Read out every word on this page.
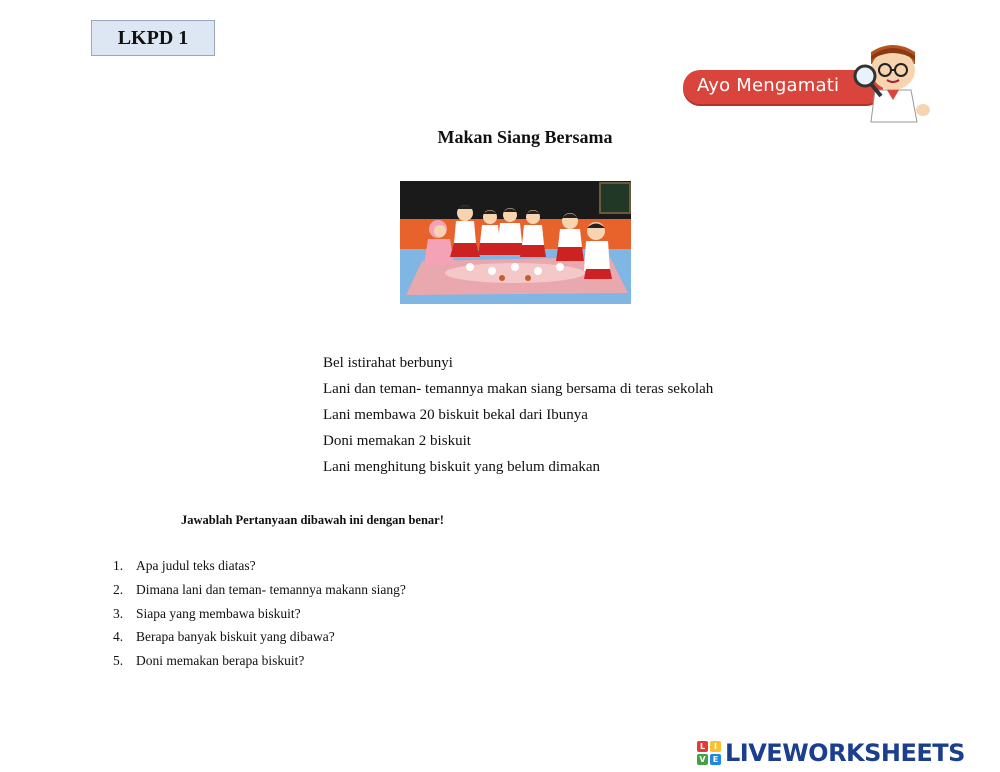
LKPD 1
Ayo Mengamati
Makan Siang Bersama

Bel istirahat berbunyi

Lani dan teman- temannya makan siang bersama di teras sekolah

Lani membawa 20 biskuit bekal dari Ibunya

Doni memakan 2 biskuit

Lani menghitung biskuit yang belum dimakan

Jawablah Pertanyaan dibawah ini dengan benar!
1. Apa judul teks diatas?
2. Dimana lani dan teman- temannya makann siang?
3. Siapa yang membawa biskuit?
4. Berapa banyak biskuit yang dibawa?
5. Doni memakan berapa biskuit?
L	I
V E LIVEWORKSHEETS
